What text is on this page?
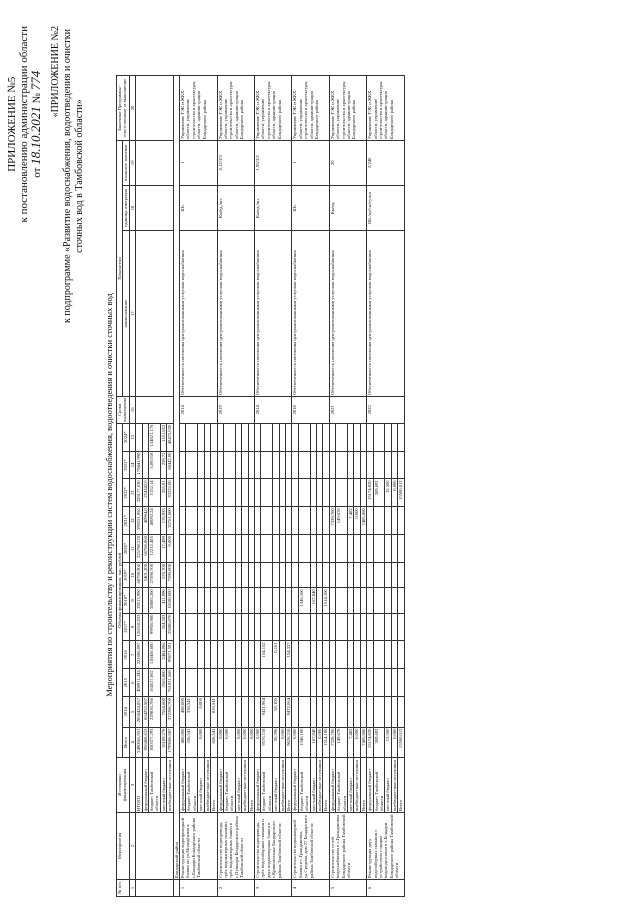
ПРИЛОЖЕНИЕ №5 к постановлению администрации области от 18.10.2021 № 774 «ПРИЛОЖЕНИЕ №2 к подпрограмме «Развитие водоснабжения, водоотведения и очистки сточных вод в Тамбовской области»
Мероприятия по строительству и реконструкции систем водоснабжения, водоотведения и очистки сточных вод
№ п/п	Мероприятия	Источники финансирования	Объемы финансирования, тыс. рублей												Сроки выполнения	Показатели			Заказчики Программы - ответственные за выполнение
			Всего	2014	2015	2016	2017*	2018*	2019*	2020*	2021*	2022*	2023*	2024*		наименование	единица измерения	плановое значение	
1	2	3	4	5	6	7	8	9	10	11	12	13	14	15	16	17	18	19	20
		ИТОГО	3490065,953	2858424,857	498911,343	221006,097	126518,833	29513,990	68798,900	225798,578	399251,956	329177,030	179441,990						
		федеральный бюджет	856468,615	664252,507					5401,200	66786,868	40964,8	254342,0							
		бюджет Тамбовской области	850377,293	229836,786	164517,062	118456,600	99956,900	28885,200	27596,700	12212,485	40092,24	5152,14	5,89,018	134821,176					
		местный бюджет	16189,278	7564,600	2563,800	2484,006	354,283	411,990	570,700	17,499	176,933	255,91	259,71	1161,852					
		внебюджетные источники	1799060,087	272280,700	761831,568	99671,591	25880,070	10180,000	7590,000	0,000	35761,600	33222,00	68442,00	48475,020					
	Бондарский район																		
1	Реконструкция водопроводной башни по ул.Молодёжная в с.Бондари Бондарского района Тамбовской области	федеральный бюджет	480,000	480,000											2014	Обеспеченность населения централизованными услугами водоснабжения	Шт.	1	Управление ТЭК и ЖКХ области, управление строительства и архитектуры области, администрация Бондарского района
		бюджет Тамбовской области	336,541	336,541															
		местный бюджет	0,000	0,000															
		внебюджетные источники																	
		Всего	826,541	826,541															
2	Строительство водопровода, трёх водонапорных скважин, трёх водонапорных башен в с.Пушкари Бондарского района Тамбовской области	федеральный бюджет	0,000												2019	Обеспеченность населения централизованными услугами водоснабжения	Км/ед./шт.	0,12/3/3	Управление ТЭК и ЖКХ области, управление строительства и архитектуры области, администрация Бондарского района
		бюджет Тамбовской области	0,000																
		местный бюджет	0,000																
		внебюджетные источники	0,000																
		Всего	0,000																
3	Строительство водопровода, трёх водозаборных скважин и двух водонапорных башен в с.Кривополянье Бондарского района Тамбовской области	федеральный бюджет	0,000												2014	Обеспеченность населения централизованными услугами водоснабжения	Км/ед./шт.	1,95/3/2	Управление ТЭК и ЖКХ области, управление строительства и архитектуры области, администрация Бондарского района
		бюджет Тамбовской области	9576,118	9421,964		154,152													
		местный бюджет	50,396	50,100		0,161													
		внебюджетные источники	0,000																
		Всего	9626,218	9472,064		154,337													
4	Строительство водонапорной башни в с.Граждановка, ул.Средняя, дом 27 Бондарского района Тамбовской области	федеральный бюджет	0,000												2018	Обеспеченность населения централизованными услугами водоснабжения	Шт.	1	Управление ТЭК и ЖКХ области, управление строительства и архитектуры области, администрация Бондарского района
		бюджет Тамбовской области	1346,100					1346,100											
		местный бюджет	167,840					167,840											
		внебюджетные источники	0,000																
		Всего	1514,100					1514,100											
5	Строительство сетей водоснабжения в с.Граждановка Бондарского района Тамбовской области	федеральный бюджет	7328,700								7328,700				2021	Обеспеченность населения централизованными услугами водоснабжения	Км/ед.	20	Управление ТЭК и ЖКХ области, управление строительства и архитектуры области, администрация Бондарского района
		бюджет Тамбовской области	149,678								149,678								
		местный бюджет	7,482								7,482								
		внебюджетные источники	0,000								0,000								
		Всего	7485,860								7485,860								
6	Реконструкция двух водозаборных скважин с устройством станции водоподготовки в с.Бондари Бондарского района Тамбовской области	федеральный бюджет	15174,820									15174,820			2022	Обеспеченность населения централизованными услугами водоснабжения	Шт./куб.м/сутки	2/240	Управление ТЭК и ЖКХ области, управление строительства и архитектуры области, администрация Бондарского района
		бюджет Тамбовской области	309,692									309,692							
		местный бюджет	15,500									15,500							
		внебюджетные источники	0,000									0,000							
		Всего	15500,012									15500,012							
